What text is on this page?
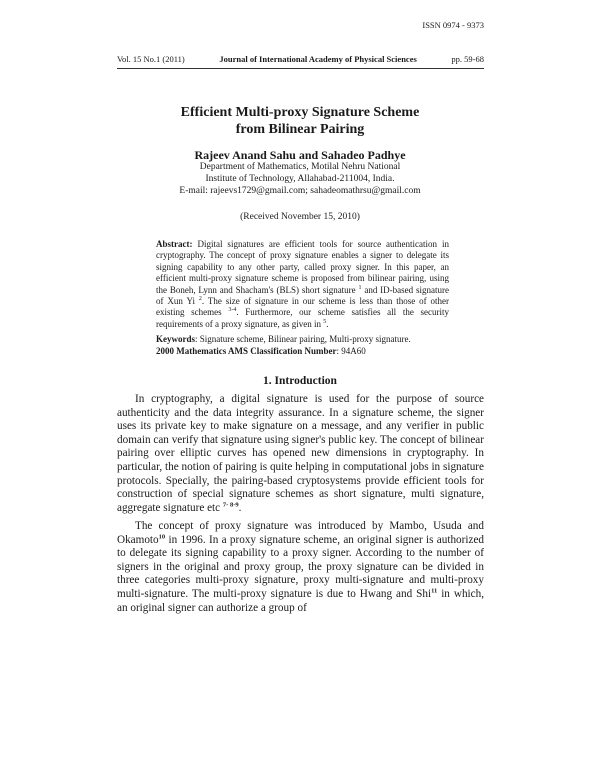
ISSN 0974 - 9373
Vol. 15 No.1 (2011)	Journal of International Academy of Physical Sciences	pp. 59-68
Efficient Multi-proxy Signature Scheme
from Bilinear Pairing
Rajeev Anand Sahu and Sahadeo Padhye
Department of Mathematics, Motilal Nehru National
Institute of Technology, Allahabad-211004, India.
E-mail: rajeevs1729@gmail.com; sahadeomathrsu@gmail.com
(Received November 15, 2010)
Abstract: Digital signatures are efficient tools for source authentication in cryptography. The concept of proxy signature enables a signer to delegate its signing capability to any other party, called proxy signer. In this paper, an efficient multi-proxy signature scheme is proposed from bilinear pairing, using the Boneh, Lynn and Shacham's (BLS) short signature $^1$ and ID-based signature of Xun Yi $^2$. The size of signature in our scheme is less than those of other existing schemes $^{3-4}$. Furthermore, our scheme satisfies all the security requirements of a proxy signature, as given in $^5$.
Keywords: Signature scheme, Bilinear pairing, Multi-proxy signature.
2000 Mathematics AMS Classification Number: 94A60
1. Introduction

In cryptography, a digital signature is used for the purpose of source authenticity and the data integrity assurance. In a signature scheme, the signer uses its private key to make signature on a message, and any verifier in public domain can verify that signature using signer's public key. The concept of bilinear pairing over elliptic curves has opened new dimensions in cryptography. In particular, the notion of pairing is quite helping in computational jobs in signature protocols. Specially, the pairing-based cryptosystems provide efficient tools for construction of special signature schemes as short signature, multi signature, aggregate signature etc $^{7- 8-9}$.

The concept of proxy signature was introduced by Mambo, Usuda and Okamoto$^{10}$ in 1996. In a proxy signature scheme, an original signer is authorized to delegate its signing capability to a proxy signer. According to the number of signers in the original and proxy group, the proxy signature can be divided in three categories multi-proxy signature, proxy multi-signature and multi-proxy multi-signature. The multi-proxy signature is due to Hwang and Shi$^{11}$ in which, an original signer can authorize a group of
